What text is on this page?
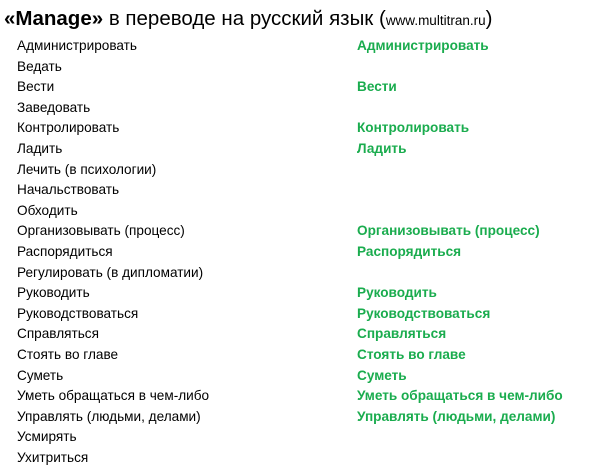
«Manage» в переводе на русский язык (www.multitran.ru)
Администрировать	Администрировать
Ведать
Вести	Вести
Заведовать
Контролировать	Контролировать
Ладить	Ладить
Лечить (в психологии)
Начальствовать
Обходить
Организовывать (процесс)	Организовывать (процесс)
Распорядиться	Распорядиться
Регулировать (в дипломатии)
Руководить	Руководить
Руководствоваться	Руководствоваться
Справляться	Справляться
Стоять во главе	Стоять во главе
Суметь	Суметь
Уметь обращаться в чем-либо	Уметь обращаться в чем-либо
Управлять (людьми, делами)	Управлять (людьми, делами)
Усмирять
Ухитриться
